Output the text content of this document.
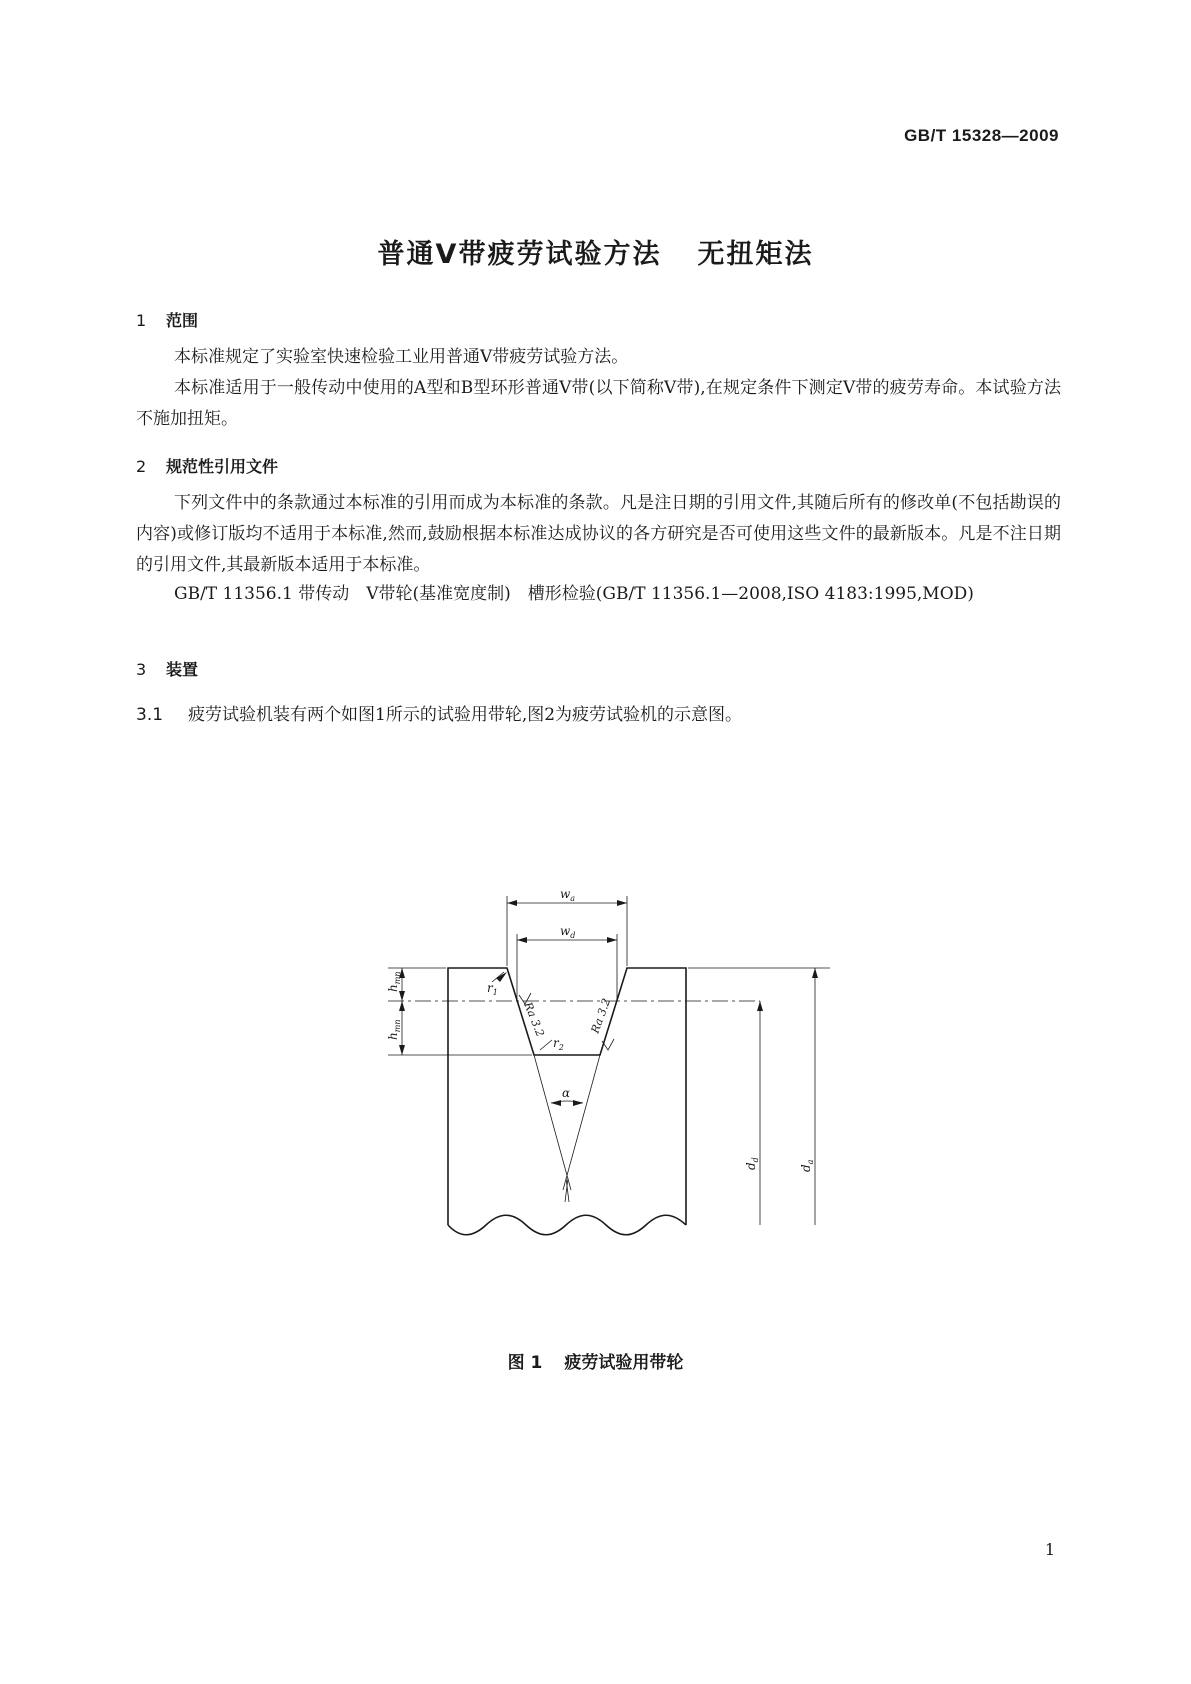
GB/T 15328—2009
普通V带疲劳试验方法 无扭矩法
1 范围
本标准规定了实验室快速检验工业用普通V带疲劳试验方法。
本标准适用于一般传动中使用的A型和B型环形普通V带(以下简称V带),在规定条件下测定V带的疲劳寿命。本试验方法不施加扭矩。
2 规范性引用文件
下列文件中的条款通过本标准的引用而成为本标准的条款。凡是注日期的引用文件,其随后所有的修改单(不包括勘误的内容)或修订版均不适用于本标准,然而,鼓励根据本标准达成协议的各方研究是否可使用这些文件的最新版本。凡是不注日期的引用文件,其最新版本适用于本标准。
GB/T 11356.1 带传动　V带轮(基准宽度制)　槽形检验(GB/T 11356.1—2008,ISO 4183:1995,MOD)
3 装置
3.1 疲劳试验机装有两个如图1所示的试验用带轮,图2为疲劳试验机的示意图。
$w_a$
$w_d$
$r_1$
$r_2$
α
Ra 3.2	Ra 3.2
$h_{mn}$
$h_{mn}$
$d_d$
$d_a$
图 1 疲劳试验用带轮
1
